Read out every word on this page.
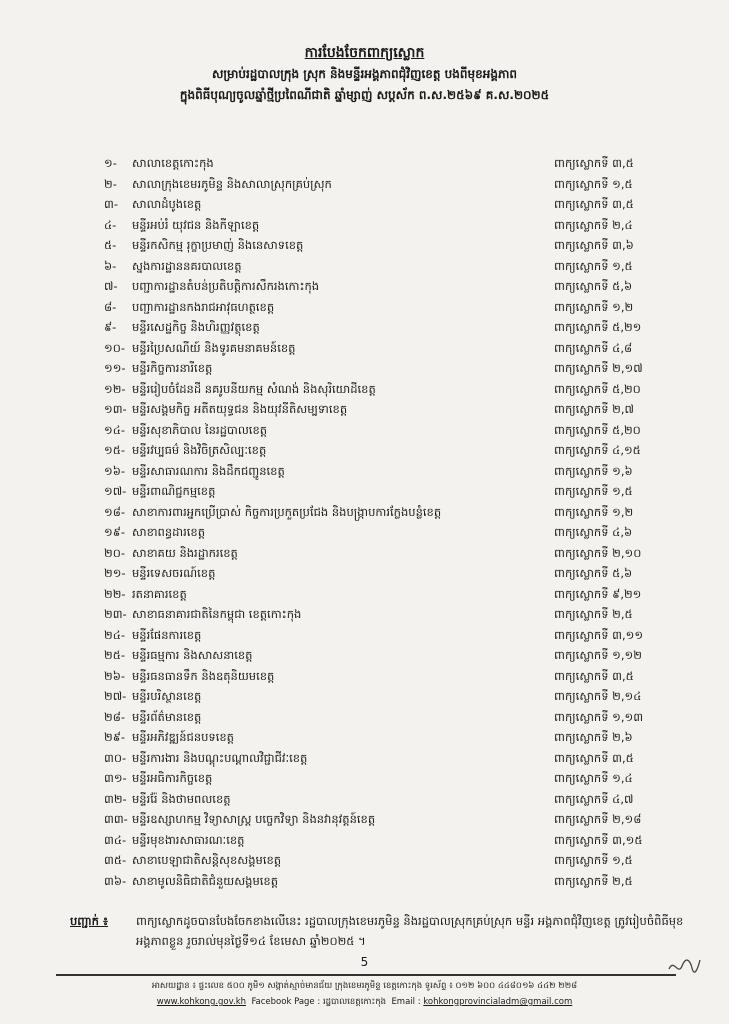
ការបែងចែកពាក្យស្លោក
សម្រាប់រដ្ឋបាលក្រុង ស្រុក និងមន្ទីរអង្គភាពជុំវិញខេត្ត បងពីមុខអង្គភាព
ក្នុងពិធីបុណ្យចូលឆ្នាំថ្មីប្រពៃណីជាតិ ឆ្នាំម្សាញ់ សប្តស័ក ព.ស.២៥៦៩ គ.ស.២០២៥
១-	សាលាខេត្តកោះកុង	ពាក្យស្លោកទី ៣,៥
២-	សាលាក្រុងខេមរភូមិន្ទ និងសាលាស្រុកគ្រប់ស្រុក	ពាក្យស្លោកទី ១,៥
៣-	សាលាដំបូងខេត្ត	ពាក្យស្លោកទី ៣,៥
៤-	មន្ទីរអប់រំ យុវជន និងកីឡាខេត្ត	ពាក្យស្លោកទី ២,៤
៥-	មន្ទីរកសិកម្ម រុក្ខាប្រមាញ់ និងនេសាទខេត្ត	ពាក្យស្លោកទី ៣,៦
៦-	ស្នងការដ្ឋាននគរបាលខេត្ត	ពាក្យស្លោកទី ១,៥
៧-	បញ្ជាការដ្ឋានតំបន់ប្រតិបត្តិការសឹករងកោះកុង	ពាក្យស្លោកទី ៥,៦
៨-	បញ្ជាការដ្ឋានកងរាជអាវុធហត្ថខេត្ត	ពាក្យស្លោកទី ១,២
៩-	មន្ទីរសេដ្ឋកិច្ច និងហិរញ្ញវត្ថុខេត្ត	ពាក្យស្លោកទី ៥,២១
១០- មន្ទីរប្រៃសណីយ៍ និងទូរគមនាគមន៍ខេត្ត	ពាក្យស្លោកទី ៤,៨
១១- មន្ទីរកិច្ចការនារីខេត្ត	ពាក្យស្លោកទី ២,១៧
១២- មន្ទីររៀបចំដែនដី នគរូបនីយកម្ម សំណង់ និងសុរិយោដីខេត្ត	ពាក្យស្លោកទី ៥,២០
១៣- មន្ទីរសង្គមកិច្ច អតីតយុទ្ធជន និងយុវនីតិសម្បទាខេត្ត	ពាក្យស្លោកទី ២,៧
១៤- មន្ទីរសុខាភិបាល នៃរដ្ឋបាលខេត្ត	ពាក្យស្លោកទី ៥,២០
១៥- មន្ទីរវប្បធម៌ និងវិចិត្រសិល្បៈខេត្ត	ពាក្យស្លោកទី ៤,១៥
១៦- មន្ទីរសាធារណការ និងដឹកជញ្ជូនខេត្ត	ពាក្យស្លោកទី ១,៦
១៧- មន្ទីរពាណិជ្ជកម្មខេត្ត	ពាក្យស្លោកទី ១,៥
១៨- សាខាការពារអ្នកប្រើប្រាស់ កិច្ចការប្រកួតប្រជែង និងបង្ក្រាបការក្លែងបន្លំខេត្ត	ពាក្យស្លោកទី ១,២
១៩- សាខាពន្ធដារខេត្ត	ពាក្យស្លោកទី ៤,៦
២០- សាខាគយ និងរដ្ឋាករខេត្ត	ពាក្យស្លោកទី ២,១០
២១- មន្ទីរទេសចរណ៍ខេត្ត	ពាក្យស្លោកទី ៥,៦
២២- រតនាគារខេត្ត	ពាក្យស្លោកទី ៩,២១
២៣- សាខាធនាគារជាតិនៃកម្ពុជា ខេត្តកោះកុង	ពាក្យស្លោកទី ២,៥
២៤- មន្ទីរផែនការខេត្ត	ពាក្យស្លោកទី ៣,១១
២៥- មន្ទីរធម្មការ និងសាសនាខេត្ត	ពាក្យស្លោកទី ១,១២
២៦- មន្ទីរធនធានទឹក និងឧតុនិយមខេត្ត	ពាក្យស្លោកទី ៣,៥
២៧- មន្ទីរបរិស្ថានខេត្ត	ពាក្យស្លោកទី ២,១៤
២៨- មន្ទីរព័ត៌មានខេត្ត	ពាក្យស្លោកទី ១,១៣
២៩- មន្ទីរអភិវឌ្ឍន៍ជនបទខេត្ត	ពាក្យស្លោកទី ២,៦
៣០- មន្ទីរការងារ និងបណ្តុះបណ្តាលវិជ្ជាជីវៈខេត្ត	ពាក្យស្លោកទី ៣,៥
៣១- មន្ទីរអធិការកិច្ចខេត្ត	ពាក្យស្លោកទី ១,៤
៣២- មន្ទីររ៉ែ និងថាមពលខេត្ត	ពាក្យស្លោកទី ៤,៧
៣៣- មន្ទីរឧស្សាហកម្ម វិទ្យាសាស្ត្រ បច្ចេកវិទ្យា និងនវានុវត្តន៍ខេត្ត	ពាក្យស្លោកទី ២,១៨
៣៤- មន្ទីរមុខងារសាធារណៈខេត្ត	ពាក្យស្លោកទី ៣,១៥
៣៥- សាខាបេឡាជាតិសន្តិសុខសង្គមខេត្ត	ពាក្យស្លោកទី ១,៥
៣៦- សាខាមូលនិធិជាតិជំនួយសង្គមខេត្ត	ពាក្យស្លោកទី ២,៥
បញ្ជាក់ ៖ ពាក្យស្លោកដូចបានបែងចែកខាងលើនេះ រដ្ឋបាលក្រុងខេមរភូមិន្ទ និងរដ្ឋបាលស្រុកគ្រប់ស្រុក មន្ទីរ អង្គភាពជុំវិញខេត្ត ត្រូវរៀបចំពិធីមុខអង្គភាពខ្លួន រួចរាល់មុនថ្ងៃទី១៤ ខែមេសា ឆ្នាំ២០២៥ ។
5
អាសយដ្ឋាន ៖ ផ្ទះលេខ ៥០០ ភូមិ១ សង្កាត់ស្មាច់មានជ័យ ក្រុងខេមរភូមិន្ទ ខេត្តកោះកុង ទូរស័ព្ទ ៖ ០១២ ៦០០ ៤៤៨០១៦ ៤៤២ ២២៨
www.kohkong.gov.kh Facebook Page : រដ្ឋបាលខេត្តកោះកុង Email : kohkongprovincialadm@gmail.com
